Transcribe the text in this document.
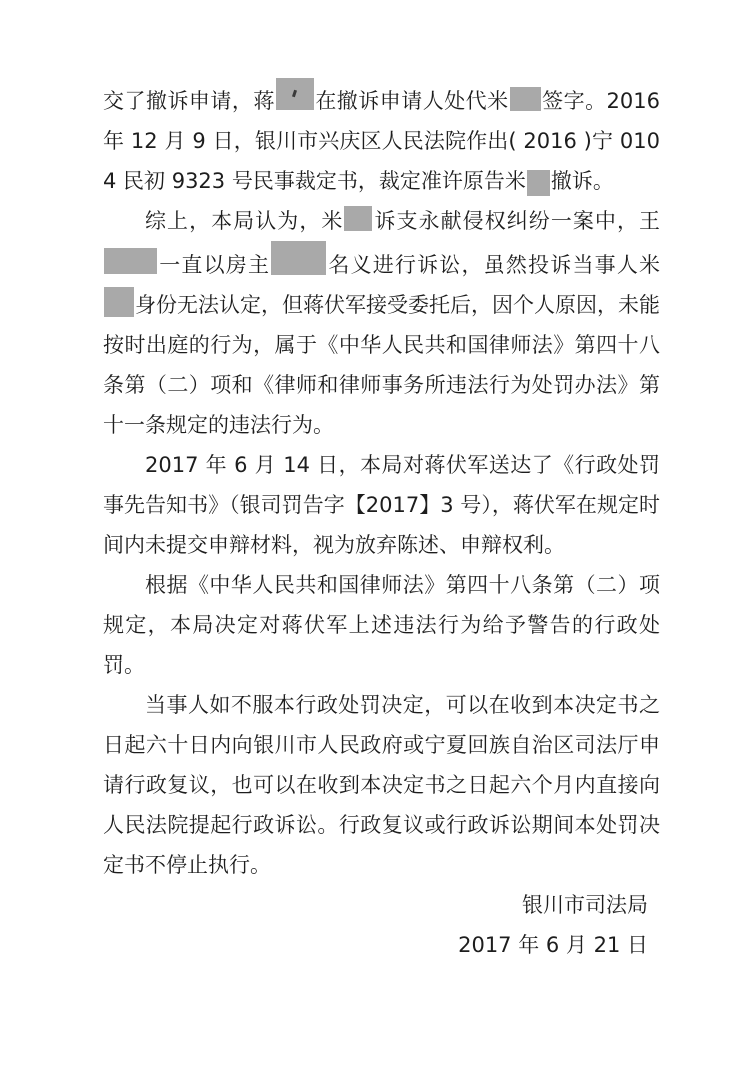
交了撤诉申请，蒋 在撤诉申请人处代米 签字。2016 年 12 月 9 日，银川市兴庆区人民法院作出( 2016 )宁 0104 民初 9323 号民事裁定书，裁定准许原告米 撤诉。

综上，本局认为，米 诉支永献侵权纠纷一案中，王一直以房主	名义进行诉讼，虽然投诉当事人米身份无法认定，但蒋伏军接受委托后，因个人原因，未能按时出庭的行为，属于《中华人民共和国律师法》第四十八条第（二）项和《律师和律师事务所违法行为处罚办法》第十一条规定的违法行为。

2017 年 6 月 14 日，本局对蒋伏军送达了《行政处罚事先告知书》（银司罚告字【2017】3 号），蒋伏军在规定时间内未提交申辩材料，视为放弃陈述、申辩权利。

根据《中华人民共和国律师法》第四十八条第（二）项规定，本局决定对蒋伏军上述违法行为给予警告的行政处罚。

当事人如不服本行政处罚决定，可以在收到本决定书之日起六十日内向银川市人民政府或宁夏回族自治区司法厅申请行政复议，也可以在收到本决定书之日起六个月内直接向人民法院提起行政诉讼。行政复议或行政诉讼期间本处罚决定书不停止执行。

银川市司法局

2017 年 6 月 21 日
